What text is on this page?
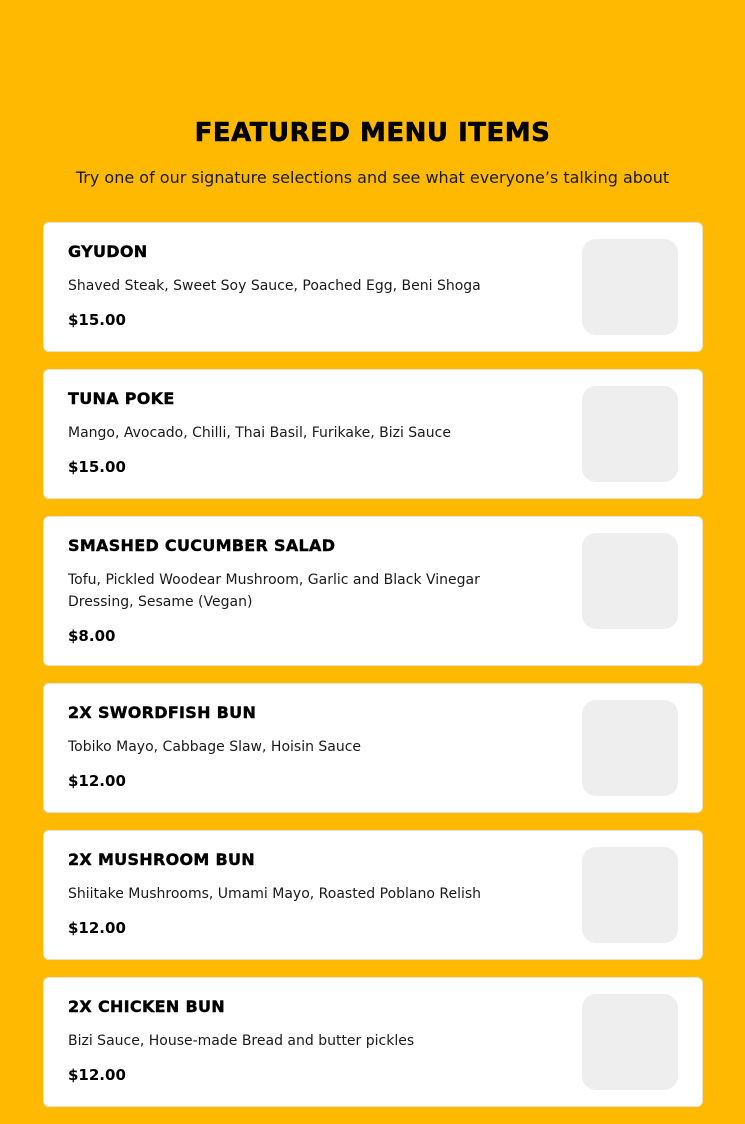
FEATURED MENU ITEMS

Try one of our signature selections and see what everyone’s talking about

GYUDON
Shaved Steak, Sweet Soy Sauce, Poached Egg, Beni Shoga
$15.00
TUNA POKE
Mango, Avocado, Chilli, Thai Basil, Furikake, Bizi Sauce
$15.00
SMASHED CUCUMBER SALAD
Tofu, Pickled Woodear Mushroom, Garlic and Black Vinegar Dressing, Sesame (Vegan)
$8.00
2X SWORDFISH BUN
Tobiko Mayo, Cabbage Slaw, Hoisin Sauce
$12.00
2X MUSHROOM BUN
Shiitake Mushrooms, Umami Mayo, Roasted Poblano Relish
$12.00
2X CHICKEN BUN
Bizi Sauce, House-made Bread and butter pickles
$12.00
